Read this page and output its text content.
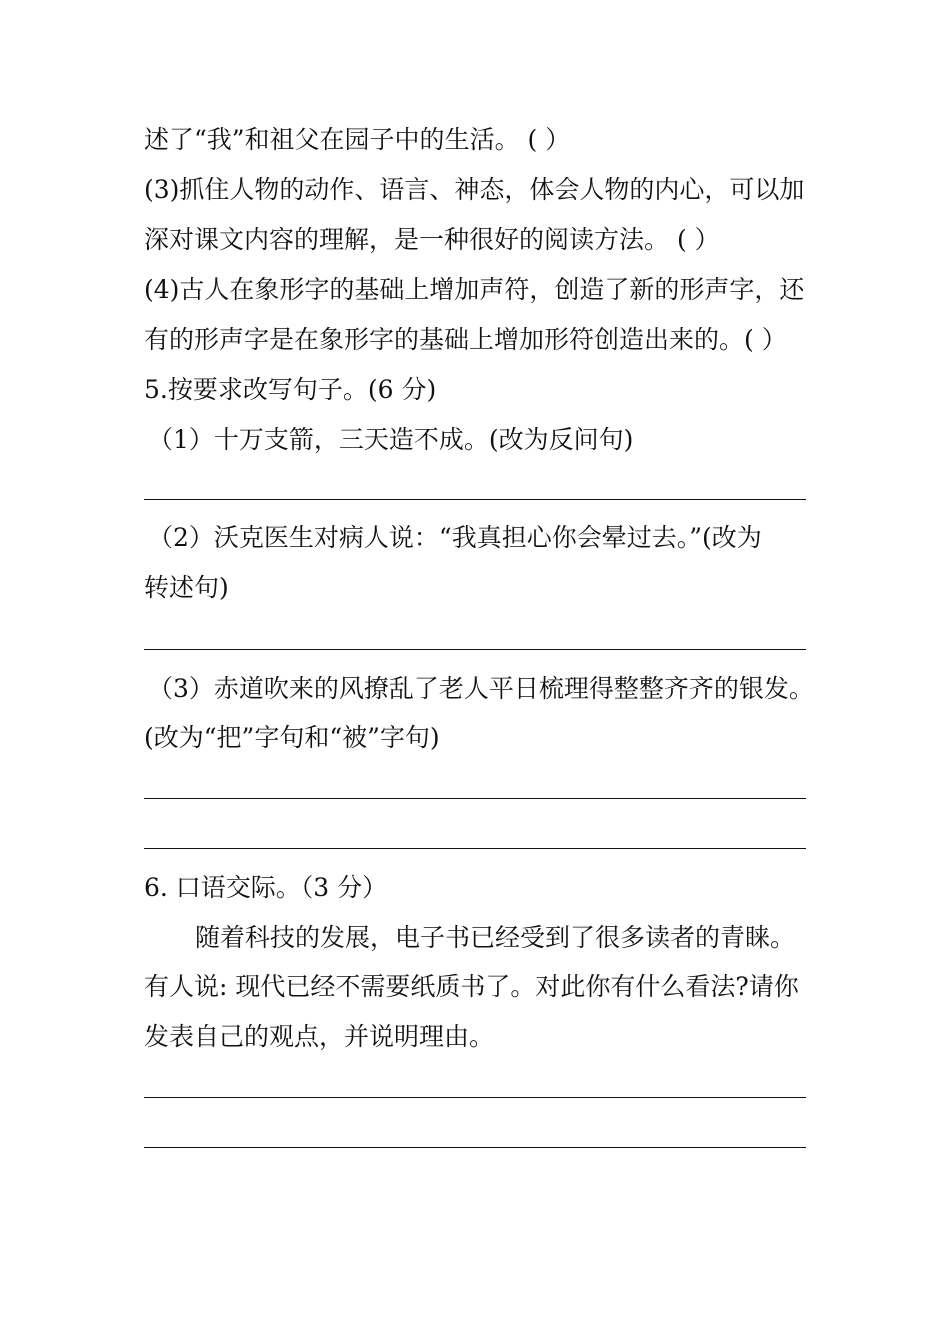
述了“我”和祖父在园子中的生活。 ( ）
(3)抓住人物的动作、语言、神态，体会人物的内心，可以加
深对课文内容的理解，是一种很好的阅读方法。 ( ）
(4)古人在象形字的基础上增加声符，创造了新的形声字，还
有的形声字是在象形字的基础上增加形符创造出来的。( ）
5.按要求改写句子。(6 分)
（1）十万支箭，三天造不成。(改为反问句)
（2）沃克医生对病人说：“我真担心你会晕过去。”(改为
转述句)
（3）赤道吹来的风撩乱了老人平日梳理得整整齐齐的银发。
(改为“把”字句和“被”字句)
6. 口语交际。（3 分）
随着科技的发展，电子书已经受到了很多读者的青睐。
有人说: 现代已经不需要纸质书了。对此你有什么看法?请你
发表自己的观点，并说明理由。
